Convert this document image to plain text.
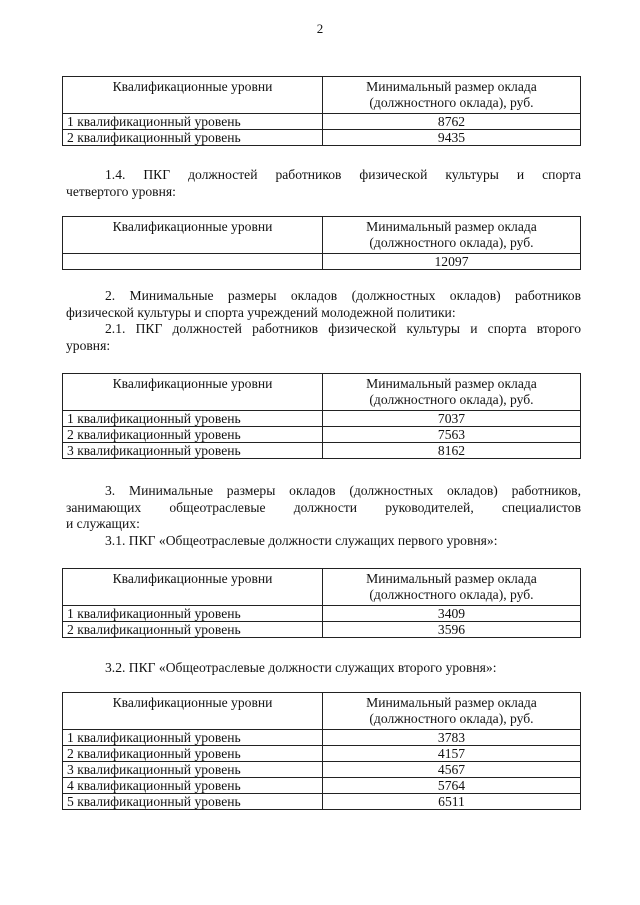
2
Квалификационные уровни	Минимальный размер оклада
(должностного оклада), руб.

1 квалификационный уровень	8762
2 квалификационный уровень	9435
1.4. ПКГ должностей работников физической культуры и спорта
четвертого уровня:
Квалификационные уровни	Минимальный размер оклада
(должностного оклада), руб.

	12097
2. Минимальные размеры окладов (должностных окладов) работников
физической культуры и спорта учреждений молодежной политики:
2.1. ПКГ должностей работников физической культуры и спорта второго
уровня:
Квалификационные уровни	Минимальный размер оклада
(должностного оклада), руб.

1 квалификационный уровень	7037
2 квалификационный уровень	7563
3 квалификационный уровень	8162
3. Минимальные размеры окладов (должностных окладов) работников,
занимающих общеотраслевые должности руководителей, специалистов
и служащих:
3.1. ПКГ «Общеотраслевые должности служащих первого уровня»:
Квалификационные уровни	Минимальный размер оклада
(должностного оклада), руб.

1 квалификационный уровень	3409
2 квалификационный уровень	3596
3.2. ПКГ «Общеотраслевые должности служащих второго уровня»:
Квалификационные уровни	Минимальный размер оклада
(должностного оклада), руб.

1 квалификационный уровень	3783
2 квалификационный уровень	4157
3 квалификационный уровень	4567
4 квалификационный уровень	5764
5 квалификационный уровень	6511
